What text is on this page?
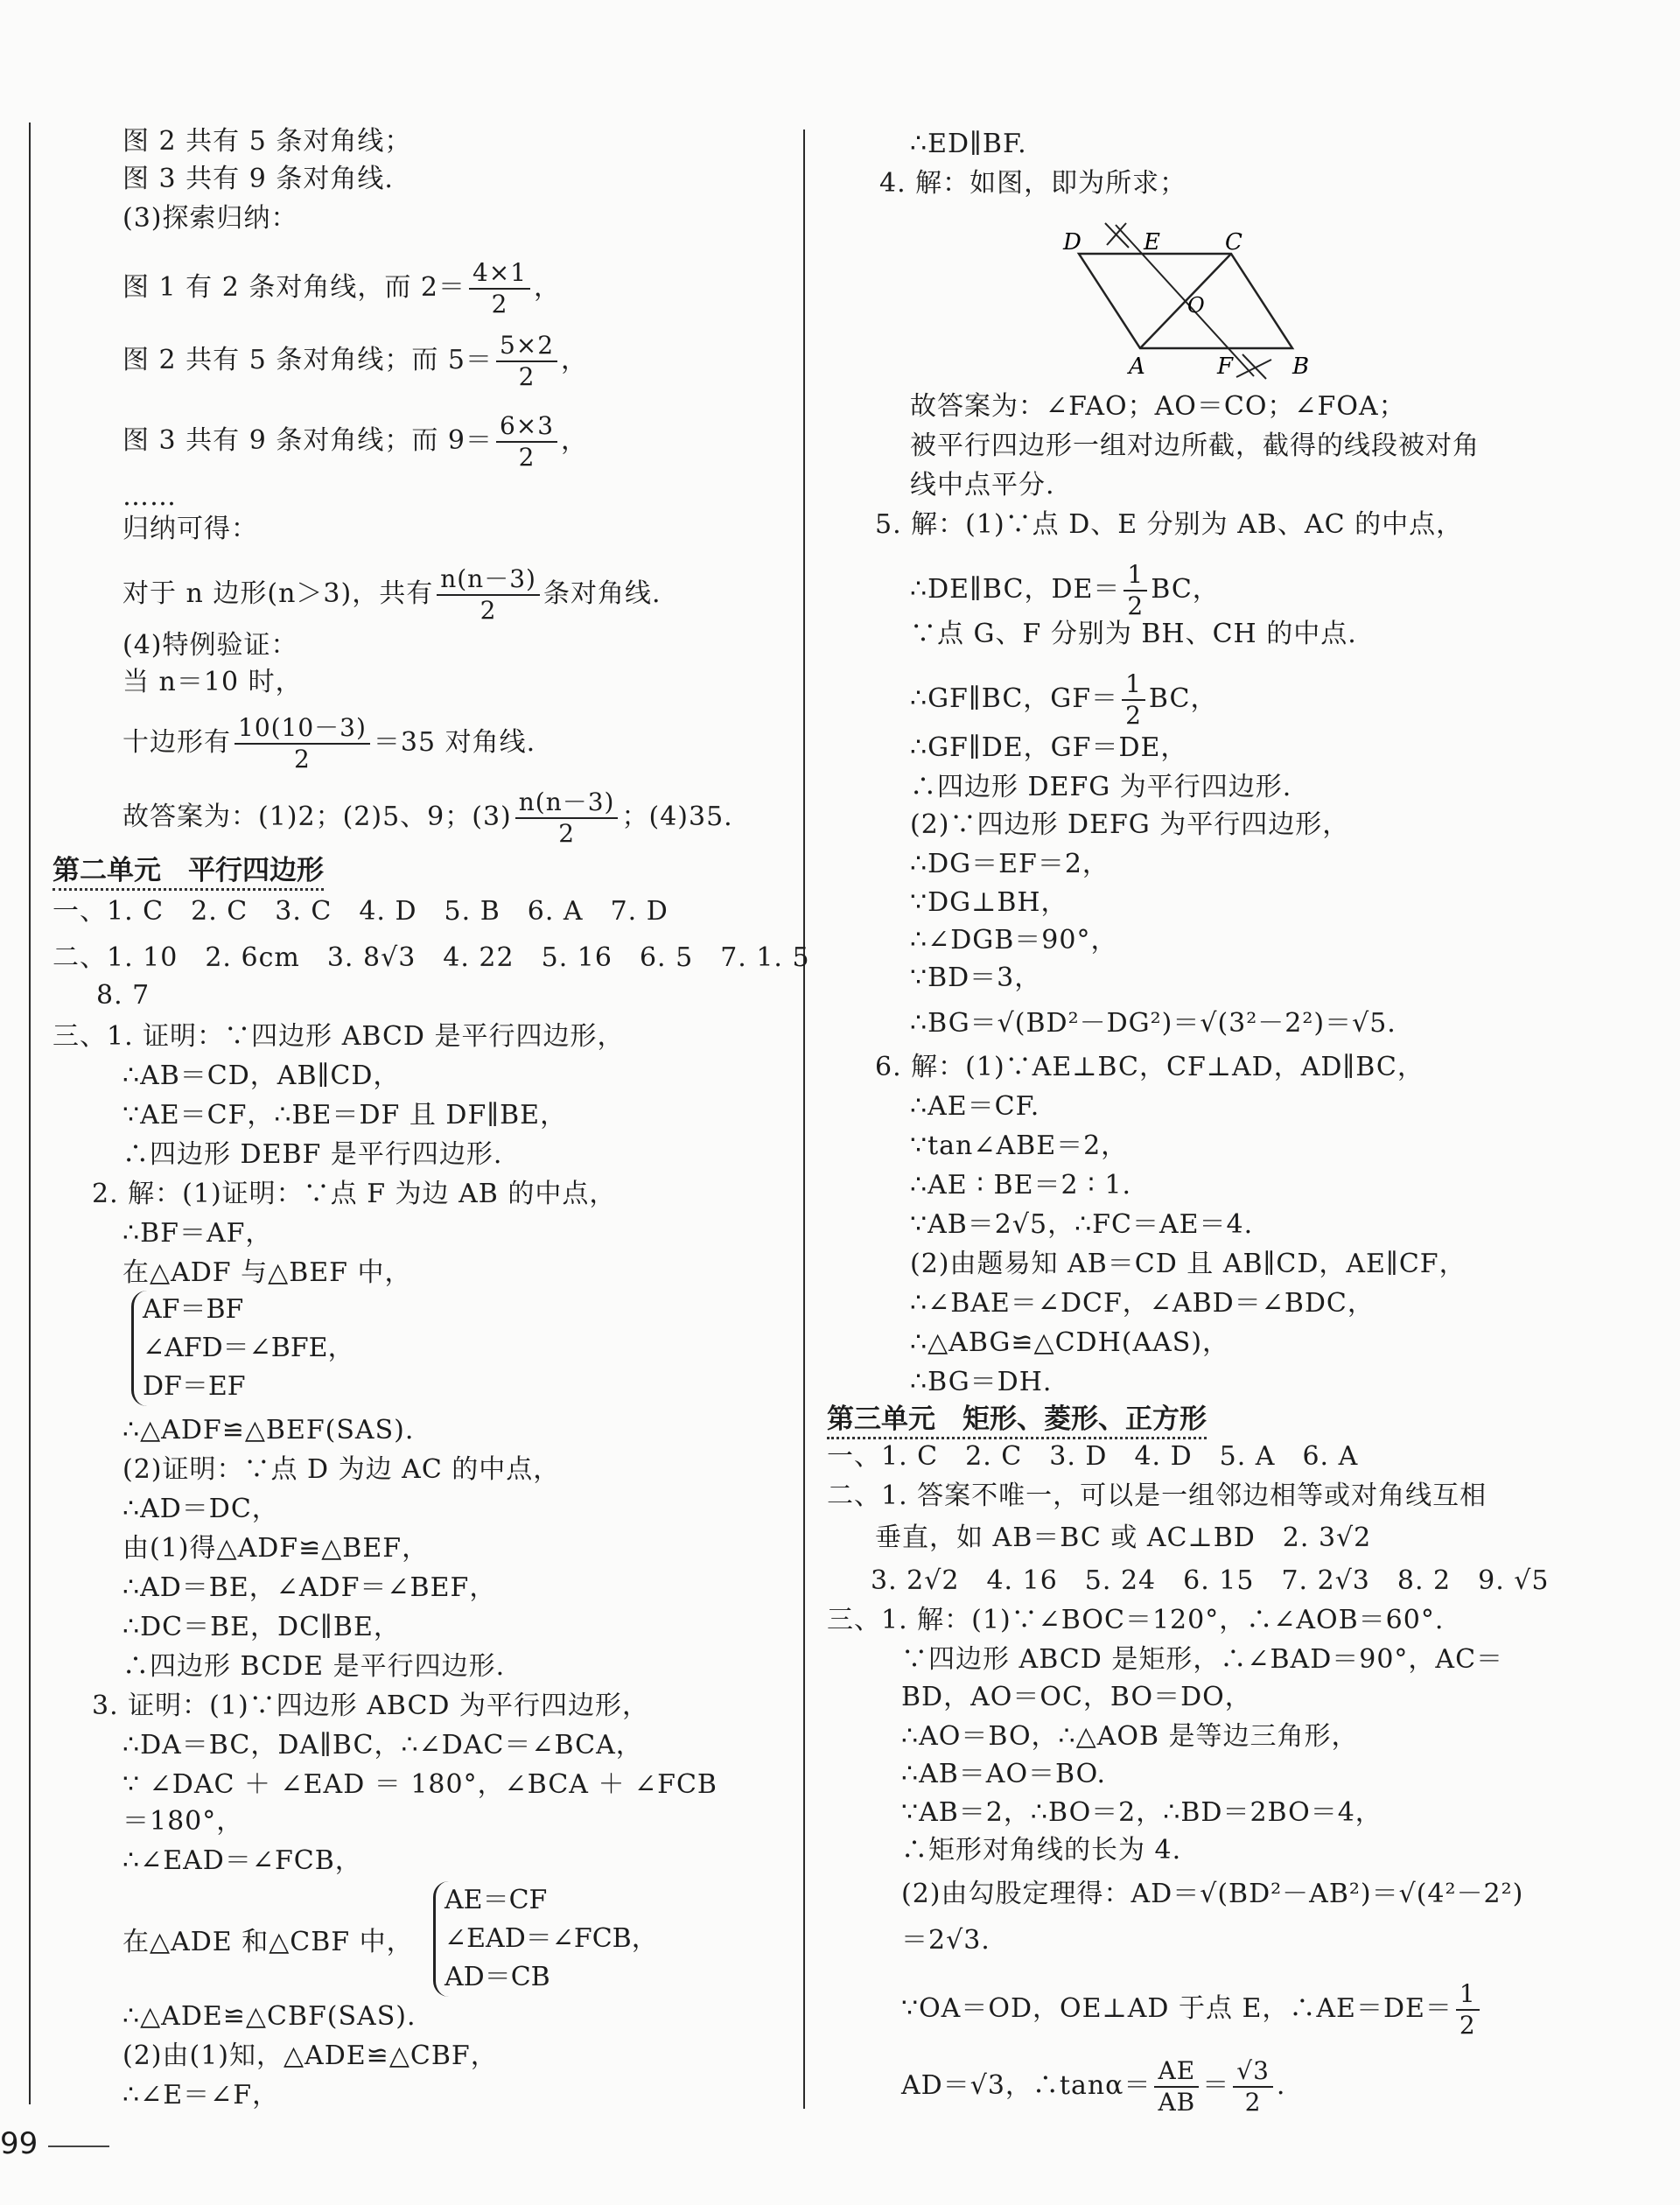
图 2 共有 5 条对角线；
图 3 共有 9 条对角线.
(3)探索归纳：
图 1 有 2 条对角线，而 $2= \frac{4\times 1}{2}$ ，
图 2 共有 5 条对角线；而 $5= \frac{5\times 2}{2}$ ，
图 3 共有 9 条对角线；而 $9= \frac{6\times 3}{2}$ ，
……
归纳可得：
对于 n 边形(n＞3)，共有 $\frac{n(n-3)}{2}$ 条对角线.
(4)特例验证：
当 n＝10 时，
十边形有 $\frac{10(10-3)}{2} =35$ 对角线.
故答案为：(1)2；(2)5、9；$(3) \frac{n(n-3)}{2}$ ；(4)35.
第二单元　平行四边形
一、1. C　2. C　3. C　4. D　5. B　6. A　7. D
二、1. 10　2. 6cm　3. 8√3　4. 22　5. 16　6. 5　7. 1. 5
8. 7
三、1. 证明：∵四边形 ABCD 是平行四边形，
∴AB＝CD，AB∥CD，
∵AE＝CF，∴BE＝DF 且 DF∥BE，
∴四边形 DEBF 是平行四边形.
2. 解：(1)证明：∵点 F 为边 AB 的中点，
∴BF＝AF，
在△ADF 与△BEF 中，
AF＝BF
∠AFD＝∠BFE，
DF＝EF
∴△ADF≌△BEF(SAS).
(2)证明：∵点 D 为边 AC 的中点，
∴AD＝DC，
由(1)得△ADF≌△BEF，
∴AD＝BE，∠ADF＝∠BEF，
∴DC＝BE，DC∥BE，
∴四边形 BCDE 是平行四边形.
3. 证明：(1)∵四边形 ABCD 为平行四边形，
∴DA＝BC，DA∥BC，∴∠DAC＝∠BCA，
∵ ∠DAC ＋ ∠EAD ＝ 180°，∠BCA ＋ ∠FCB
＝180°，
∴∠EAD＝∠FCB，
在△ADE 和△CBF 中，
AE＝CF
∠EAD＝∠FCB，
AD＝CB
∴△ADE≌△CBF(SAS).
(2)由(1)知，△ADE≌△CBF，
∴∠E＝∠F，
∴ED∥BF.
4. 解：如图，即为所求；
故答案为：∠FAO；AO＝CO；∠FOA；
被平行四边形一组对边所截，截得的线段被对角
线中点平分.
5. 解：(1)∵点 D、E 分别为 AB、AC 的中点，
∴DE∥BC，$DE= \frac{1}{2}$ BC，
∵点 G、F 分别为 BH、CH 的中点.
∴GF∥BC，$GF= \frac{1}{2}$ BC，
∴GF∥DE，GF＝DE，
∴四边形 DEFG 为平行四边形.
(2)∵四边形 DEFG 为平行四边形，
∴DG＝EF＝2，
∵DG⊥BH，
∴∠DGB＝90°，
∵BD＝3，
∴BG＝√(BD²－DG²)＝√(3²－2²)＝√5.
6. 解：(1)∵AE⊥BC，CF⊥AD，AD∥BC，
∴AE＝CF.
∵tan∠ABE＝2，
∴AE ∶ BE＝2 ∶ 1.
∵AB＝2√5，∴FC＝AE＝4.
(2)由题易知 AB＝CD 且 AB∥CD，AE∥CF，
∴∠BAE＝∠DCF，∠ABD＝∠BDC，
∴△ABG≌△CDH(AAS)，
∴BG＝DH.
第三单元　矩形、菱形、正方形
一、1. C　2. C　3. D　4. D　5. A　6. A
二、1. 答案不唯一，可以是一组邻边相等或对角线互相
垂直，如 AB＝BC 或 AC⊥BD　2. 3√2
3. 2√2　4. 16　5. 24　6. 15　7. 2√3　8. 2　9. √5
三、1. 解：(1)∵∠BOC＝120°，∴∠AOB＝60°.
∵四边形 ABCD 是矩形，∴∠BAD＝90°，AC＝
BD，AO＝OC，BO＝DO，
∴AO＝BO，∴△AOB 是等边三角形，
∴AB＝AO＝BO.
∵AB＝2，∴BO＝2，∴BD＝2BO＝4，
∴矩形对角线的长为 4.
(2)由勾股定理得：AD＝√(BD²－AB²)＝√(4²－2²)
＝2√3.
∵OA＝OD，OE⊥AD 于点 E，∴AE＝DE＝ $\frac{1}{2}$
AD＝√3，∴tanα＝ $\frac{AE}{AB} = \frac{√3}{2}$ .
D	E	C
O
A	F	B
99
